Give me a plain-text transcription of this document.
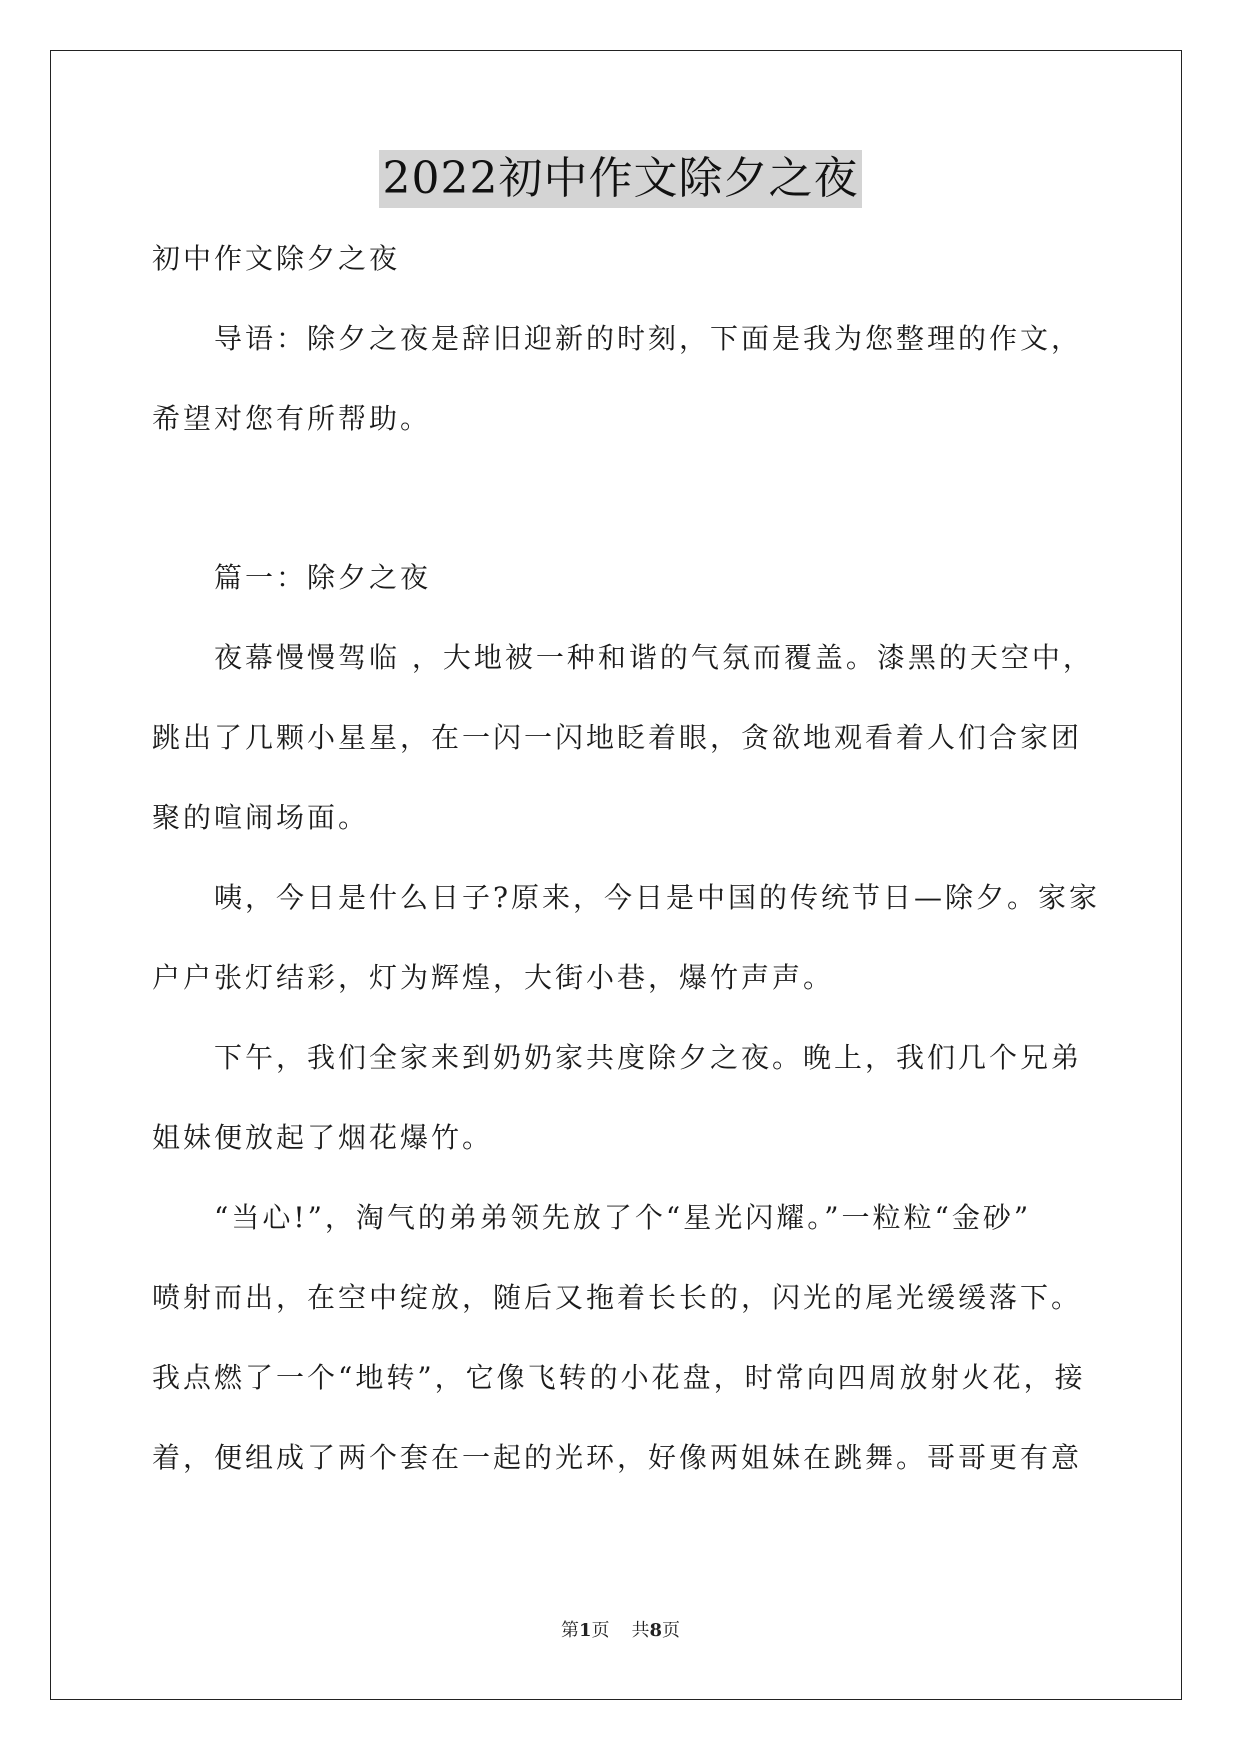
2022初中作文除夕之夜
初中作文除夕之夜
导语：除夕之夜是辞旧迎新的时刻，下面是我为您整理的作文，
希望对您有所帮助。
篇一：除夕之夜
夜幕慢慢驾临 ，大地被一种和谐的气氛而覆盖。漆黑的天空中，
跳出了几颗小星星，在一闪一闪地眨着眼，贪欲地观看着人们合家团
聚的喧闹场面。
咦，今日是什么日子?原来，今日是中国的传统节日—除夕。家家
户户张灯结彩，灯为辉煌，大街小巷，爆竹声声。
下午，我们全家来到奶奶家共度除夕之夜。晚上，我们几个兄弟
姐妹便放起了烟花爆竹。
“当心!”，淘气的弟弟领先放了个“星光闪耀。”一粒粒“金砂”
喷射而出，在空中绽放，随后又拖着长长的，闪光的尾光缓缓落下。
我点燃了一个“地转”，它像飞转的小花盘，时常向四周放射火花，接
着，便组成了两个套在一起的光环，好像两姐妹在跳舞。哥哥更有意
第1页 共8页
